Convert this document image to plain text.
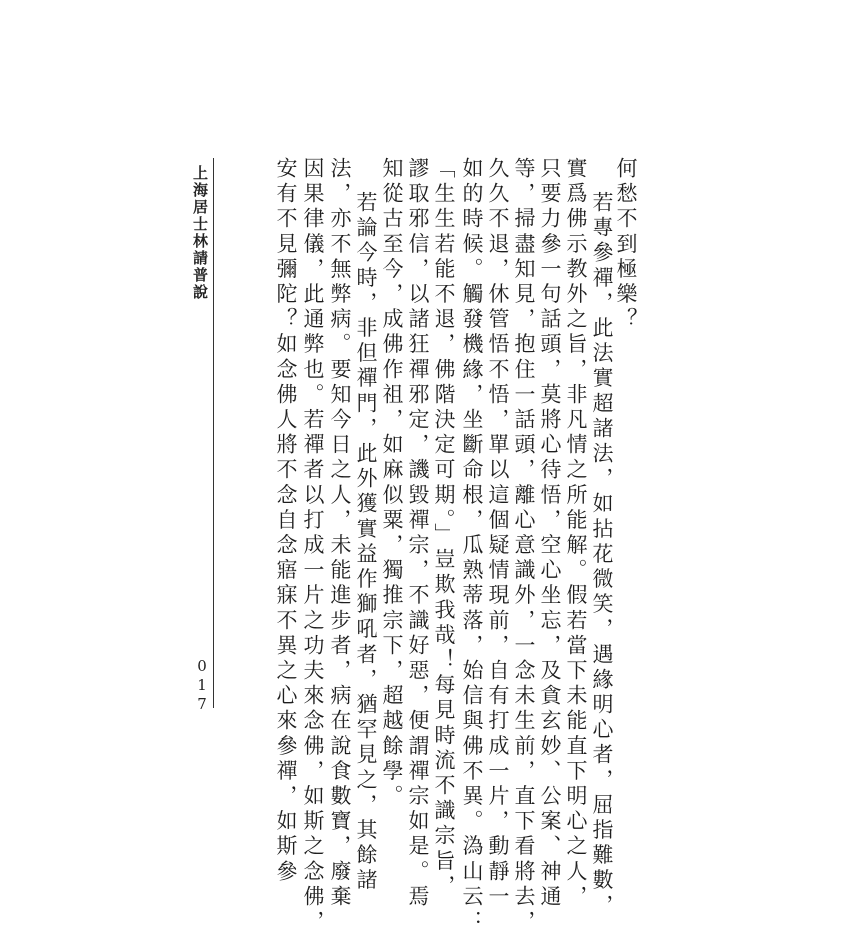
上海居士林請普說
017
何愁不到極樂？
若專參禪，此法實超諸法，如拈花微笑，遇緣明心者，屈指難數，
實爲佛示教外之旨，非凡情之所能解。假若當下未能直下明心之人，
只要力參一句話頭，莫將心待悟，空心坐忘，及貪玄妙、公案、神通
等，掃盡知見，抱住一話頭，離心意識外，一念未生前，直下看將去，
久久不退，休管悟不悟，單以這個疑情現前，自有打成一片，動靜一
如的時候。觸發機緣，坐斷命根，瓜熟蒂落，始信與佛不異。溈山云：
「生生若能不退，佛階決定可期。」豈欺我哉！每見時流不識宗旨，
謬取邪信，以諸狂禪邪定，譏毀禪宗，不識好惡，便謂禪宗如是。焉
知從古至今，成佛作祖，如麻似粟，獨推宗下，超越餘學。
若論今時，非但禪門，此外獲實益作獅吼者，猶罕見之，其餘諸
法，亦不無弊病。要知今日之人，未能進步者，病在說食數寶，廢棄
因果律儀，此通弊也。若禪者以打成一片之功夫來念佛，如斯之念佛，
安有不見彌陀？如念佛人將不念自念寤寐不異之心來參禪，如斯參
